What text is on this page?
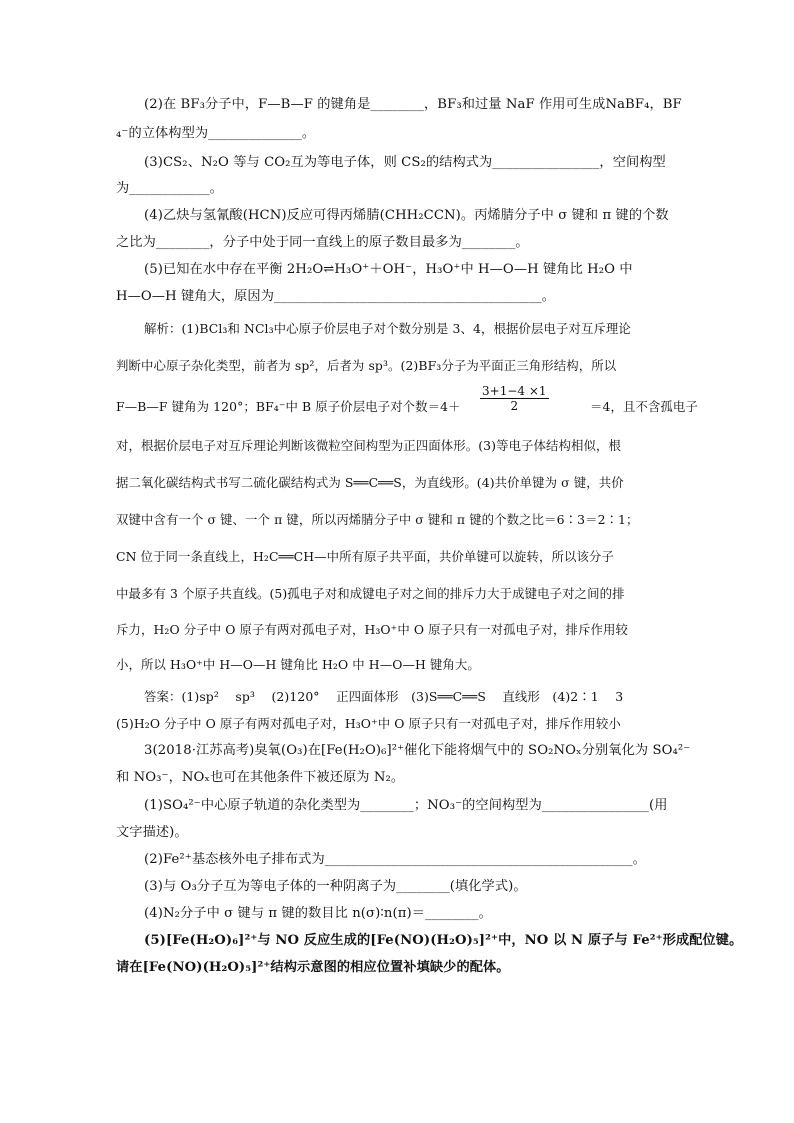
(2)在 BF₃分子中，F—B—F 的键角是________，BF₃和过量 NaF 作用可生成NaBF₄，BF
₄⁻的立体构型为______________。
(3)CS₂、N₂O 等与 CO₂互为等电子体，则 CS₂的结构式为________________，空间构型
为____________。
(4)乙炔与氢氰酸(HCN)反应可得丙烯腈(CHH₂CCN)。丙烯腈分子中 σ 键和 π 键的个数
之比为________，分子中处于同一直线上的原子数目最多为________。
(5)已知在水中存在平衡 2H₂O⇌H₃O⁺＋OH⁻，H₃O⁺中 H—O—H 键角比 H₂O 中
H—O—H 键角大，原因为________________________________________。
解析：(1)BCl₃和 NCl₃中心原子价层电子对个数分别是 3、4，根据价层电子对互斥理论
判断中心原子杂化类型，前者为 sp²，后者为 sp³。(2)BF₃分子为平面正三角形结构，所以
F—B—F 键角为 120°；BF₄⁻中 B 原子价层电子对个数$=4+ \frac{3+1-4 \times 1}{2}$	＝4，且不含孤电子
对，根据价层电子对互斥理论判断该微粒空间构型为正四面体形。(3)等电子体结构相似，根
据二氧化碳结构式书写二硫化碳结构式为 S══C══S，为直线形。(4)共价单键为 σ 键，共价
双键中含有一个 σ 键、一个 π 键，所以丙烯腈分子中 σ 键和 π 键的个数之比＝6∶3＝2∶1；
CN 位于同一条直线上，H₂C══CH—中所有原子共平面，共价单键可以旋转，所以该分子
中最多有 3 个原子共直线。(5)孤电子对和成键电子对之间的排斥力大于成键电子对之间的排
斥力，H₂O 分子中 O 原子有两对孤电子对，H₃O⁺中 O 原子只有一对孤电子对，排斥作用较
小，所以 H₃O⁺中 H—O—H 键角比 H₂O 中 H—O—H 键角大。
答案：(1)sp²　 sp³　 (2)120°　 正四面体形　(3)S══C══S　 直线形　(4)2∶1　 3
(5)H₂O 分子中 O 原子有两对孤电子对，H₃O⁺中 O 原子只有一对孤电子对，排斥作用较小
3(2018·江苏高考)臭氧(O₃)在[Fe(H₂O)₆]²⁺催化下能将烟气中的 SO₂NOₓ分别氧化为 SO₄²⁻
和 NO₃⁻，NOₓ也可在其他条件下被还原为 N₂。
(1)SO₄²⁻中心原子轨道的杂化类型为________；NO₃⁻的空间构型为________________(用
文字描述)。
(2)Fe²⁺基态核外电子排布式为______________________________________________。
(3)与 O₃分子互为等电子体的一种阴离子为________(填化学式)。
(4)N₂分子中 σ 键与 π 键的数目比 n(σ)∶n(π)＝________。
(5)[Fe(H₂O)₆]²⁺与 NO 反应生成的[Fe(NO)(H₂O)₅]²⁺中，NO 以 N 原子与 Fe²⁺形成配位键。
请在[Fe(NO)(H₂O)₅]²⁺结构示意图的相应位置补填缺少的配体。
